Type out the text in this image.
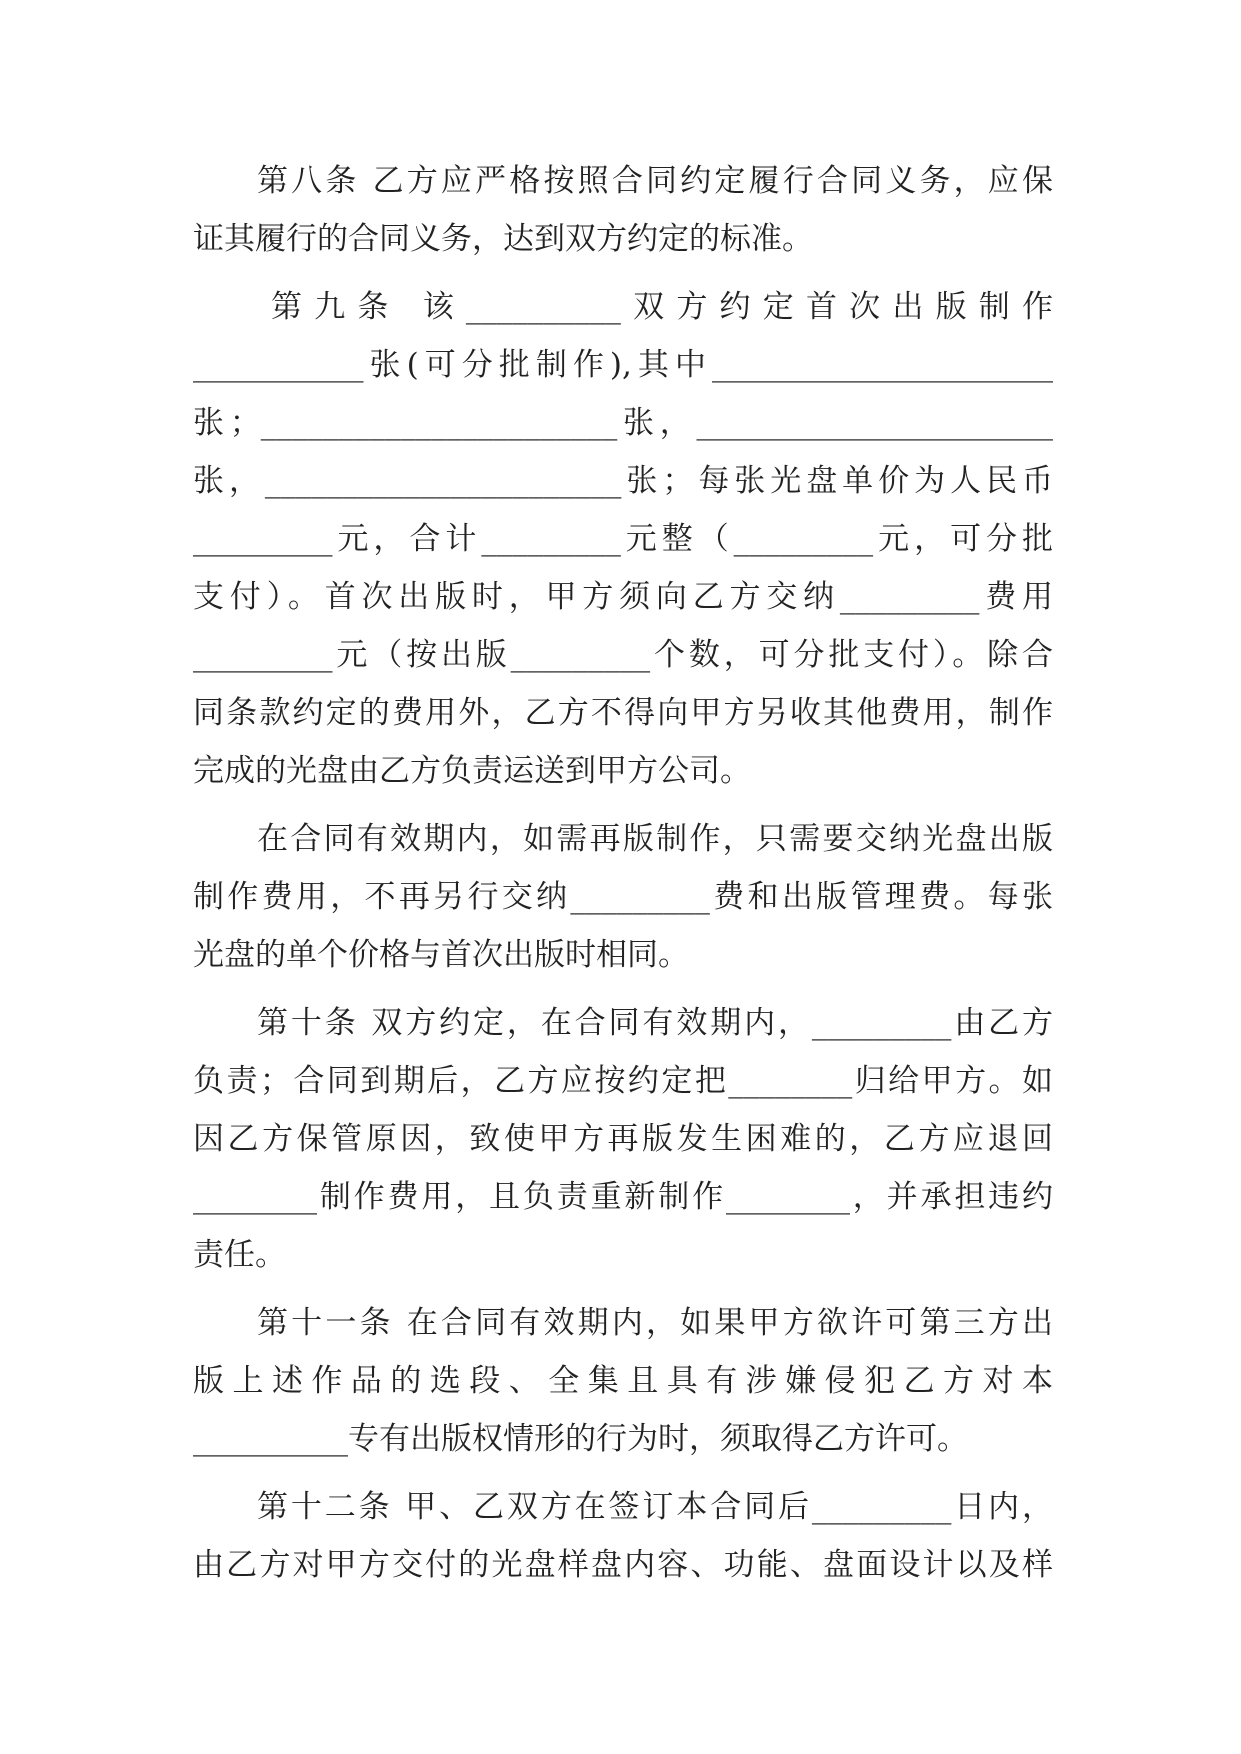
第八条 乙方应严格按照合同约定履行合同义务，应保
证其履行的合同义务，达到双方约定的标准。
第九条 该__________双方约定首次出版制作
___________张(可分批制作),其中______________________
张；_______________________张，_______________________
张，_______________________张；每张光盘单价为人民币
_________元，合计_________元整（_________元，可分批
支付）。首次出版时，甲方须向乙方交纳_________费用
_________元（按出版_________个数，可分批支付）。除合
同条款约定的费用外，乙方不得向甲方另收其他费用，制作
完成的光盘由乙方负责运送到甲方公司。
在合同有效期内，如需再版制作，只需要交纳光盘出版
制作费用，不再另行交纳_________费和出版管理费。每张
光盘的单个价格与首次出版时相同。
第十条 双方约定，在合同有效期内，_________由乙方
负责；合同到期后，乙方应按约定把________归给甲方。如
因乙方保管原因，致使甲方再版发生困难的，乙方应退回
________制作费用，且负责重新制作________，并承担违约
责任。
第十一条 在合同有效期内，如果甲方欲许可第三方出
版上述作品的选段、全集且具有涉嫌侵犯乙方对本
__________专有出版权情形的行为时，须取得乙方许可。
第十二条 甲、乙双方在签订本合同后_________日内，
由乙方对甲方交付的光盘样盘内容、功能、盘面设计以及样
